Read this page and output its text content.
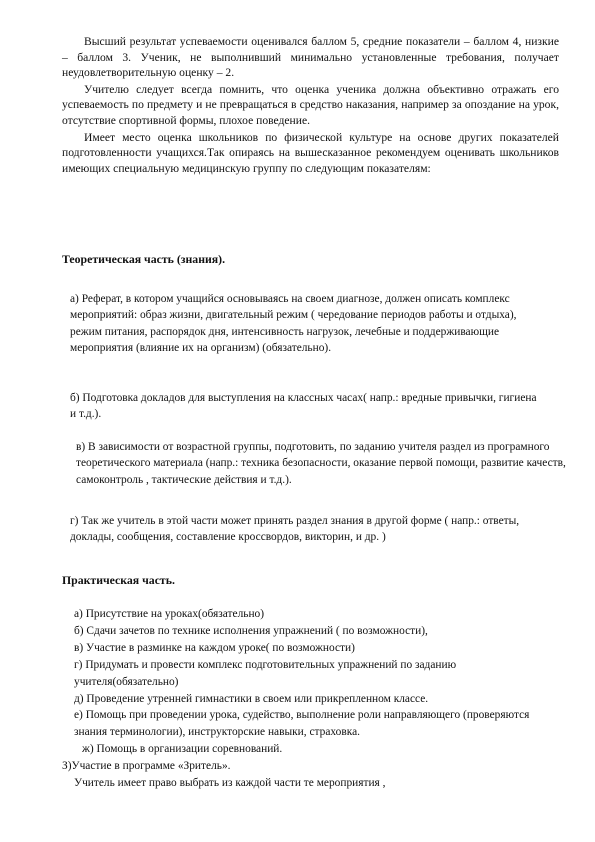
Высший результат успеваемости оценивался баллом 5, средние показатели – баллом 4, низкие – баллом 3. Ученик, не выполнивший минимально установленные требования, получает неудовлетворительную оценку – 2.

Учителю следует всегда помнить, что оценка ученика должна объективно отражать его успеваемость по предмету и не превращаться в средство наказания, например за опоздание на урок, отсутствие спортивной формы, плохое поведение.

Имеет место оценка школьников по физической культуре на основе других показателей подготовленности учащихся.Так опираясь на вышесказанное рекомендуем оценивать школьников имеющих специальную медицинскую группу по следующим показателям:

Теоретическая часть (знания).

а) Реферат, в котором учащийся основываясь на своем диагнозе, должен описать комплекс мероприятий: образ жизни, двигательный режим ( чередование периодов работы и отдыха), режим питания, распорядок дня, интенсивность нагрузок, лечебные и поддерживающие мероприятия (влияние их на организм) (обязательно).

б) Подготовка докладов для выступления на классных часах( напр.: вредные привычки, гигиена и т.д.).

в) В зависимости от возрастной группы, подготовить, по заданию учителя раздел из програмного теоретического материала (напр.: техника безопасности, оказание первой помощи, развитие качеств, самоконтроль , тактические действия и т.д.).

г) Так же учитель в этой части может принять раздел знания в другой форме ( напр.: ответы, доклады, сообщения, составление кроссвордов, викторин, и др. )

Практическая часть.
а) Присутствие на уроках(обязательно)
б) Сдачи зачетов по технике исполнения упражнений ( по возможности),
в) Участие в разминке на каждом уроке( по возможности)
г) Придумать и провести комплекс подготовительных упражнений по заданию учителя(обязательно)
д) Проведение утренней гимнастики в своем или прикрепленном классе.
е) Помощь при проведении урока, судейство, выполнение роли направляющего (проверяются знания терминологии), инструкторские навыки, страховка.
ж) Помощь в организации соревнований.
З)Участие в программе «Зритель».
Учитель имеет право выбрать из каждой части те мероприятия ,
